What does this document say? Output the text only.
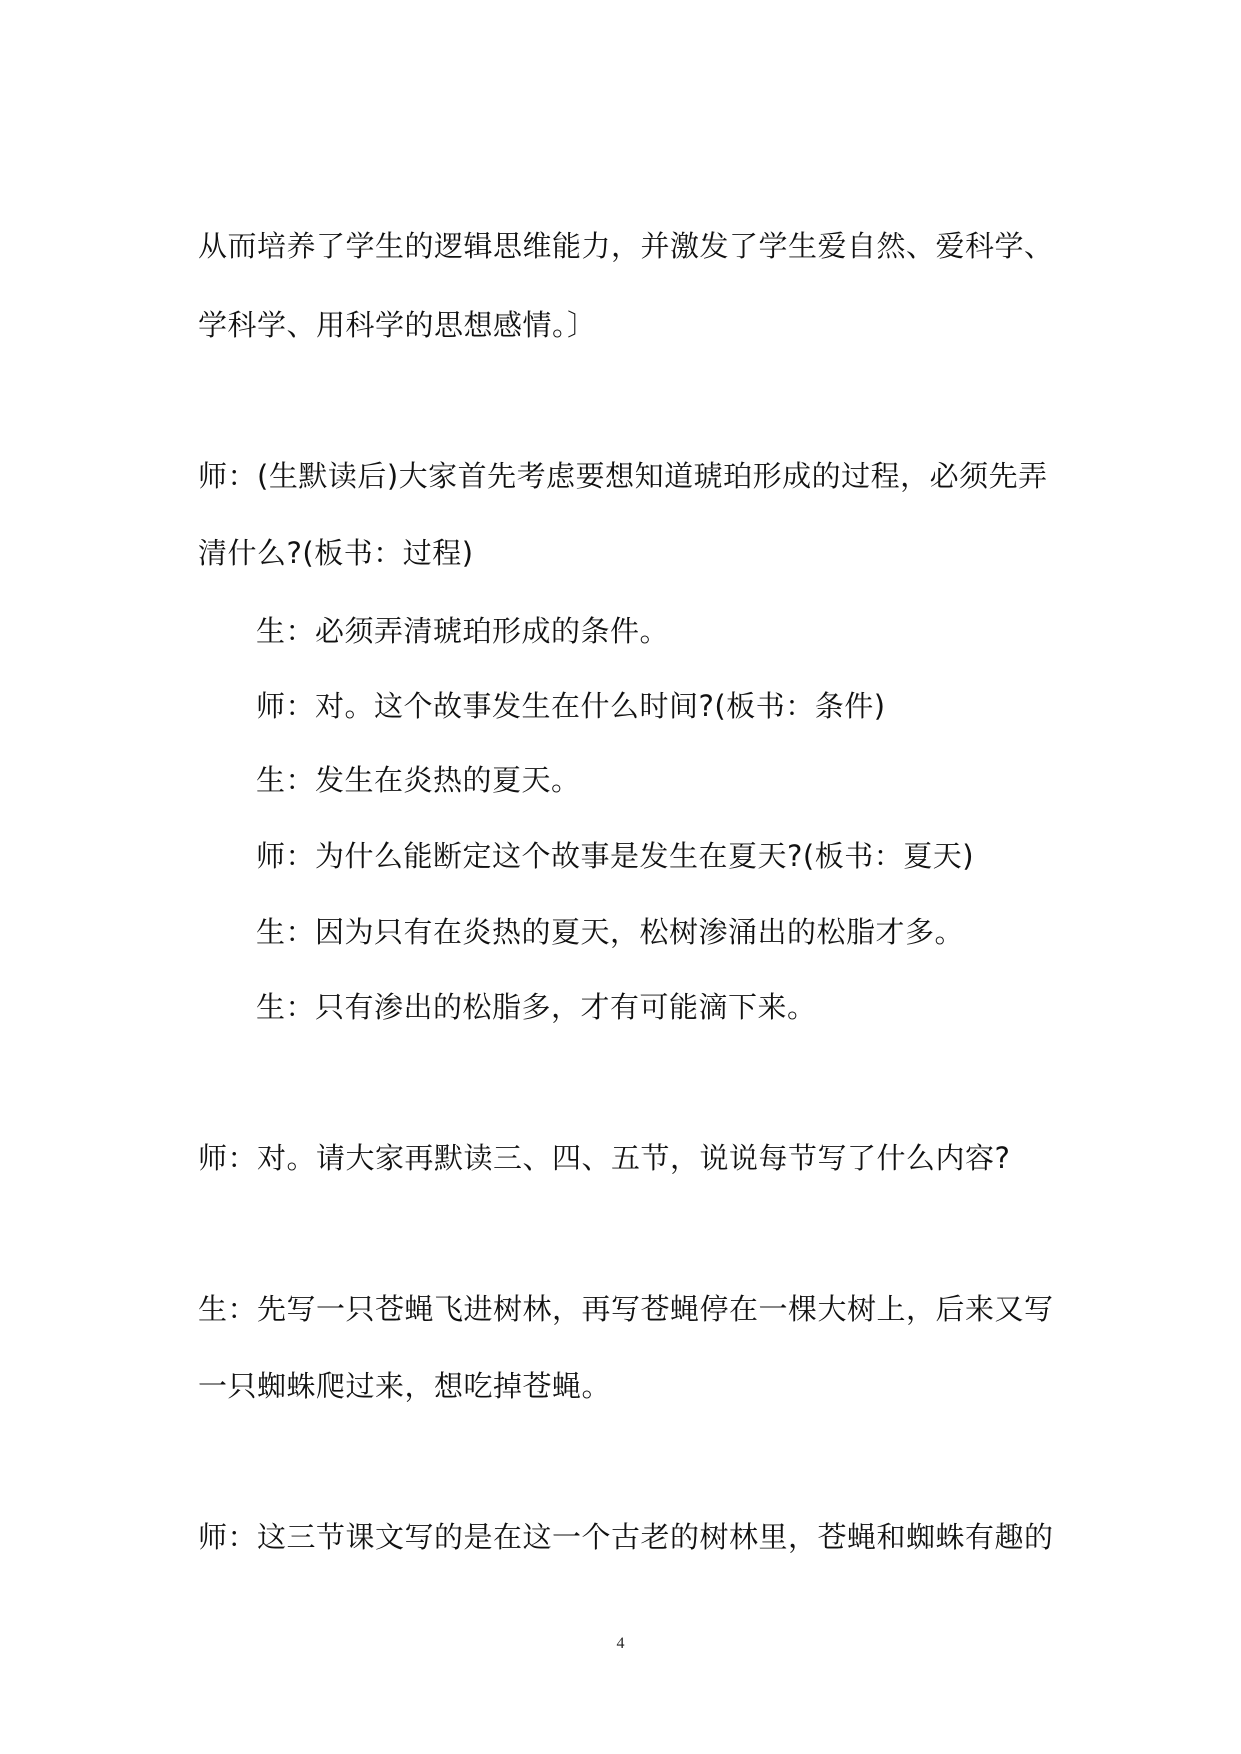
从而培养了学生的逻辑思维能力，并激发了学生爱自然、爱科学、
学科学、用科学的思想感情。〕
师：(生默读后)大家首先考虑要想知道琥珀形成的过程，必须先弄
清什么?(板书：过程)
生：必须弄清琥珀形成的条件。
师：对。这个故事发生在什么时间?(板书：条件)
生：发生在炎热的夏天。
师：为什么能断定这个故事是发生在夏天?(板书：夏天)
生：因为只有在炎热的夏天，松树渗涌出的松脂才多。
生：只有渗出的松脂多，才有可能滴下来。
师：对。请大家再默读三、四、五节，说说每节写了什么内容?
生：先写一只苍蝇飞进树林，再写苍蝇停在一棵大树上，后来又写
一只蜘蛛爬过来，想吃掉苍蝇。
师：这三节课文写的是在这一个古老的树林里，苍蝇和蜘蛛有趣的
4
